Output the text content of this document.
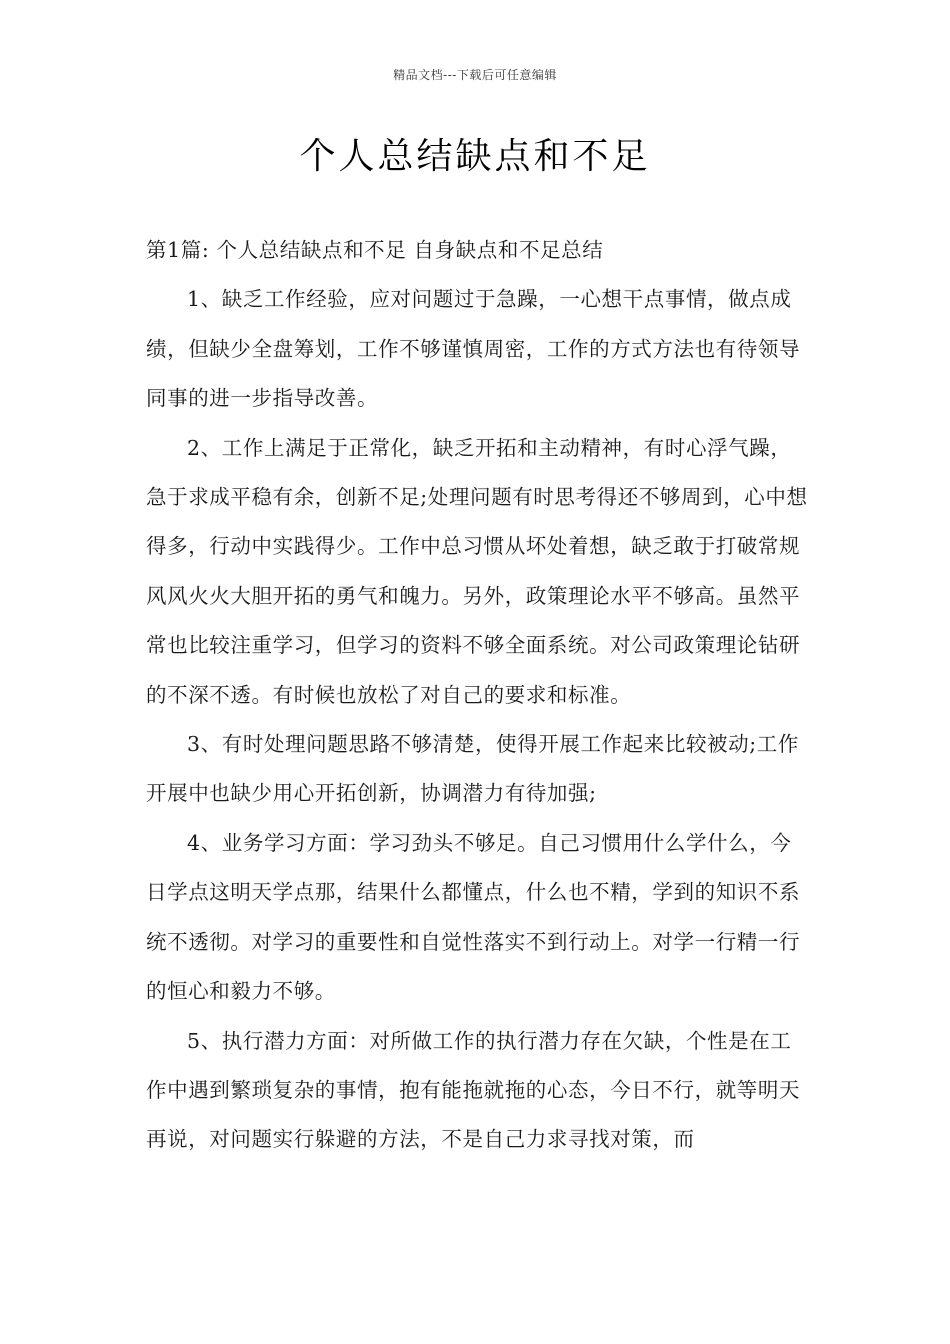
精品文档---下载后可任意编辑
个人总结缺点和不足

第1篇: 个人总结缺点和不足 自身缺点和不足总结

1、缺乏工作经验，应对问题过于急躁，一心想干点事情，做点成绩，但缺少全盘筹划，工作不够谨慎周密，工作的方式方法也有待领导同事的进一步指导改善。

2、工作上满足于正常化，缺乏开拓和主动精神，有时心浮气躁，急于求成平稳有余，创新不足;处理问题有时思考得还不够周到，心中想得多，行动中实践得少。工作中总习惯从坏处着想，缺乏敢于打破常规风风火火大胆开拓的勇气和魄力。另外，政策理论水平不够高。虽然平常也比较注重学习，但学习的资料不够全面系统。对公司政策理论钻研的不深不透。有时候也放松了对自己的要求和标准。

3、有时处理问题思路不够清楚，使得开展工作起来比较被动;工作开展中也缺少用心开拓创新，协调潜力有待加强;

4、业务学习方面：学习劲头不够足。自己习惯用什么学什么，今日学点这明天学点那，结果什么都懂点，什么也不精，学到的知识不系统不透彻。对学习的重要性和自觉性落实不到行动上。对学一行精一行的恒心和毅力不够。

5、执行潜力方面：对所做工作的执行潜力存在欠缺，个性是在工作中遇到繁琐复杂的事情，抱有能拖就拖的心态，今日不行，就等明天再说，对问题实行躲避的方法，不是自己力求寻找对策，而
